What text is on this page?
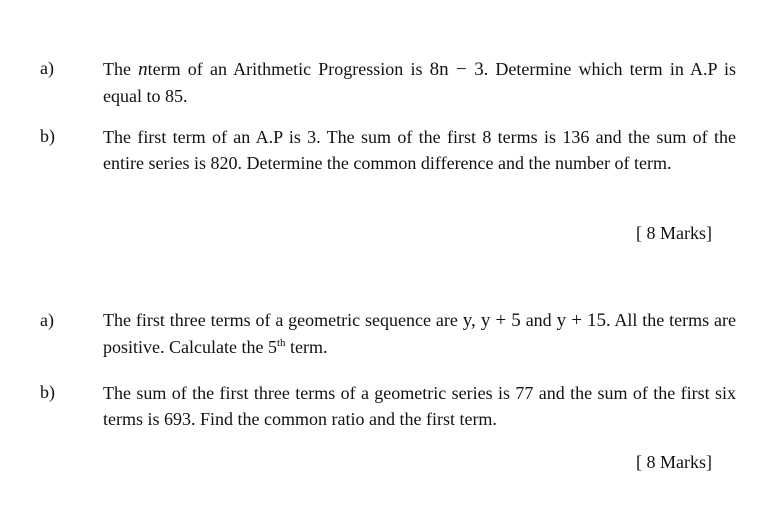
a)	The nterm of an Arithmetic Progression is 8n − 3. Determine which term in A.P is equal to 85.
b)	The first term of an A.P is 3. The sum of the first 8 terms is 136 and the sum of the entire series is 820. Determine the common difference and the number of term.
[ 8 Marks]
a)	The first three terms of a geometric sequence are y, y + 5 and y + 15. All the terms are positive. Calculate the 5th term.
b)	The sum of the first three terms of a geometric series is 77 and the sum of the first six terms is 693. Find the common ratio and the first term.
[ 8 Marks]
